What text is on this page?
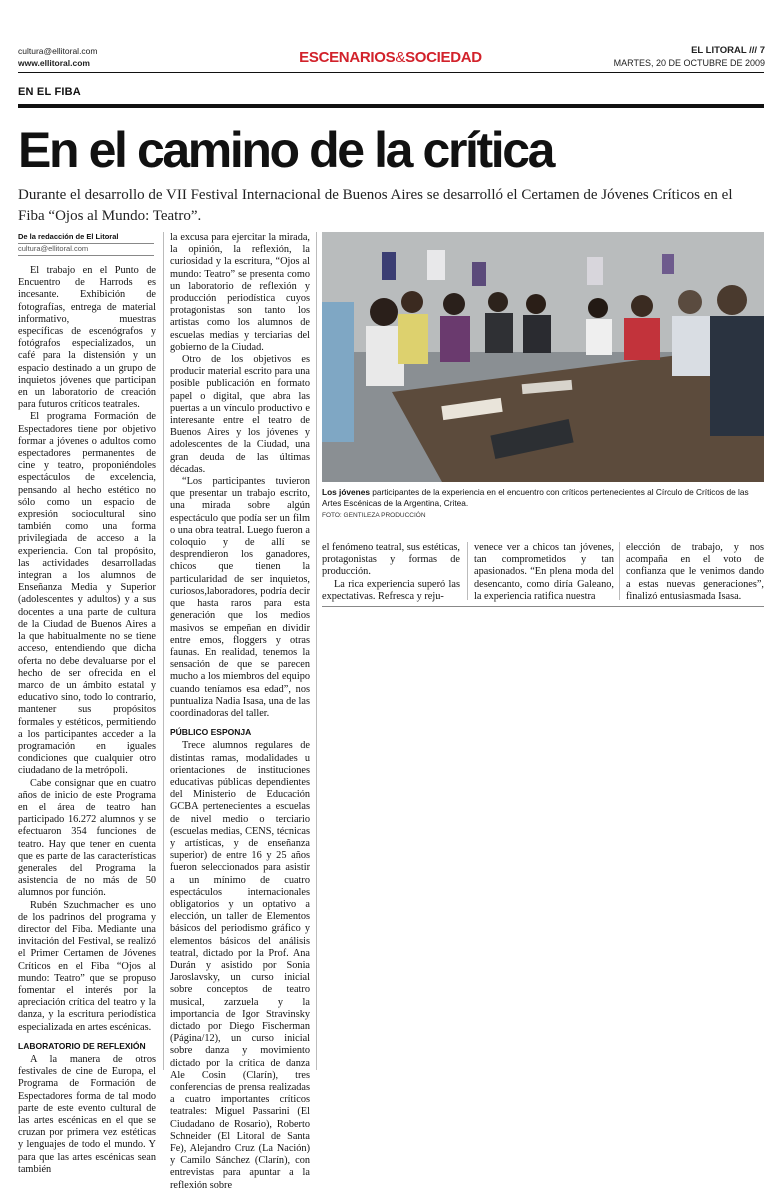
cultura@ellitoral.com
www.ellitoral.com	ESCENARIOS&SOCIEDAD	EL LITORAL /// 7
MARTES, 20 DE OCTUBRE DE 2009
EN EL FIBA
En el camino de la crítica
Durante el desarrollo de VII Festival Internacional de Buenos Aires se desarrolló el Certamen de Jóvenes Críticos en el Fiba “Ojos al Mundo: Teatro”.
De la redacción de El Litoral
cultura@ellitoral.com

El trabajo en el Punto de Encuentro de Harrods es incesante. Exhibición de fotografías, entrega de material informativo, muestras específicas de escenógrafos y fotógrafos especializados, un café para la distensión y un espacio destinado a un grupo de inquietos jóvenes que participan en un laboratorio de creación para futuros críticos teatrales.

El programa Formación de Espectadores tiene por objetivo formar a jóvenes o adultos como espectadores permanentes de cine y teatro, proponiéndoles espectáculos de excelencia, pensando al hecho estético no sólo como un espacio de expresión sociocultural sino también como una forma privilegiada de acceso a la experiencia. Con tal propósito, las actividades desarrolladas integran a los alumnos de Enseñanza Media y Superior (adolescentes y adultos) y a sus docentes a una parte de cultura de la Ciudad de Buenos Aires a la que habitualmente no se tiene acceso, entendiendo que dicha oferta no debe devaluarse por el hecho de ser ofrecida en el marco de un ámbito estatal y educativo sino, todo lo contrario, mantener sus propósitos formales y estéticos, permitiendo a los participantes acceder a la programación en iguales condiciones que cualquier otro ciudadano de la metrópoli.

Cabe consignar que en cuatro años de inicio de este Programa en el área de teatro han participado 16.272 alumnos y se efectuaron 354 funciones de teatro. Hay que tener en cuenta que es parte de las características generales del Programa la asistencia de no más de 50 alumnos por función.

Rubén Szuchmacher es uno de los padrinos del programa y director del Fiba. Mediante una invitación del Festival, se realizó el Primer Certamen de Jóvenes Críticos en el Fiba “Ojos al mundo: Teatro” que se propuso fomentar el interés por la apreciación crítica del teatro y la danza, y la escritura periodística especializada en artes escénicas.

LABORATORIO DE REFLEXIÓN

A la manera de otros festivales de cine de Europa, el Programa de Formación de Espectadores forma de tal modo parte de este evento cultural de las artes escénicas en el que se cruzan por primera vez estéticas y lenguajes de todo el mundo. Y para que las artes escénicas sean también

la excusa para ejercitar la mirada, la opinión, la reflexión, la curiosidad y la escritura, “Ojos al mundo: Teatro” se presenta como un laboratorio de reflexión y producción periodística cuyos protagonistas son tanto los artistas como los alumnos de escuelas medias y terciarias del gobierno de la Ciudad.

Otro de los objetivos es producir material escrito para una posible publicación en formato papel o digital, que abra las puertas a un vínculo productivo e interesante entre el teatro de Buenos Aires y los jóvenes y adolescentes de la Ciudad, una gran deuda de las últimas décadas.

“Los participantes tuvieron que presentar un trabajo escrito, una mirada sobre algún espectáculo que podía ser un film o una obra teatral. Luego fueron a coloquio y de allí se desprendieron los ganadores, chicos que tienen la particularidad de ser inquietos, curiosos,laboradores, podría decir que hasta raros para esta generación que los medios masivos se empeñan en dividir entre emos, floggers y otras faunas. En realidad, tenemos la sensación de que se parecen mucho a los miembros del equipo cuando teníamos esa edad”, nos puntualiza Nadia Isasa, una de las coordinadoras del taller.

PÚBLICO ESPONJA

Trece alumnos regulares de distintas ramas, modalidades u orientaciones de instituciones educativas públicas dependientes del Ministerio de Educación GCBA pertenecientes a escuelas de nivel medio o terciario (escuelas medias, CENS, técnicas y artísticas, y de enseñanza superior) de entre 16 y 25 años fueron seleccionados para asistir a un mínimo de cuatro espectáculos internacionales obligatorios y un optativo a elección, un taller de Elementos básicos del periodismo gráfico y elementos básicos del análisis teatral, dictado por la Prof. Ana Durán y asistido por Sonia Jaroslavsky, un curso inicial sobre conceptos de teatro musical, zarzuela y la importancia de Igor Stravinsky dictado por Diego Fischerman (Página/12), un curso inicial sobre danza y movimiento dictado por la crítica de danza Ale Cosin (Clarín), tres conferencias de prensa realizadas a cuatro importantes críticos teatrales: Miguel Passarini (El Ciudadano de Rosario), Roberto Schneider (El Litoral de Santa Fe), Alejandro Cruz (La Nación) y Camilo Sánchez (Clarín), con entrevistas para apuntar a la reflexión sobre

Los jóvenes participantes de la experiencia en el encuentro con críticos pertenecientes al Círculo de Críticos de las Artes Escénicas de la Argentina, Critea.
FOTO: GENTILEZA PRODUCCIÓN

el fenómeno teatral, sus estéticas, protagonistas y formas de producción.

La rica experiencia superó las expectativas. Refresca y reju-

venece ver a chicos tan jóvenes, tan comprometidos y tan apasionados. “En plena moda del desencanto, como diría Galeano, la experiencia ratifica nuestra

elección de trabajo, y nos acompaña en el voto de confianza que le venimos dando a estas nuevas generaciones”, finalizó entusiasmada Isasa.
